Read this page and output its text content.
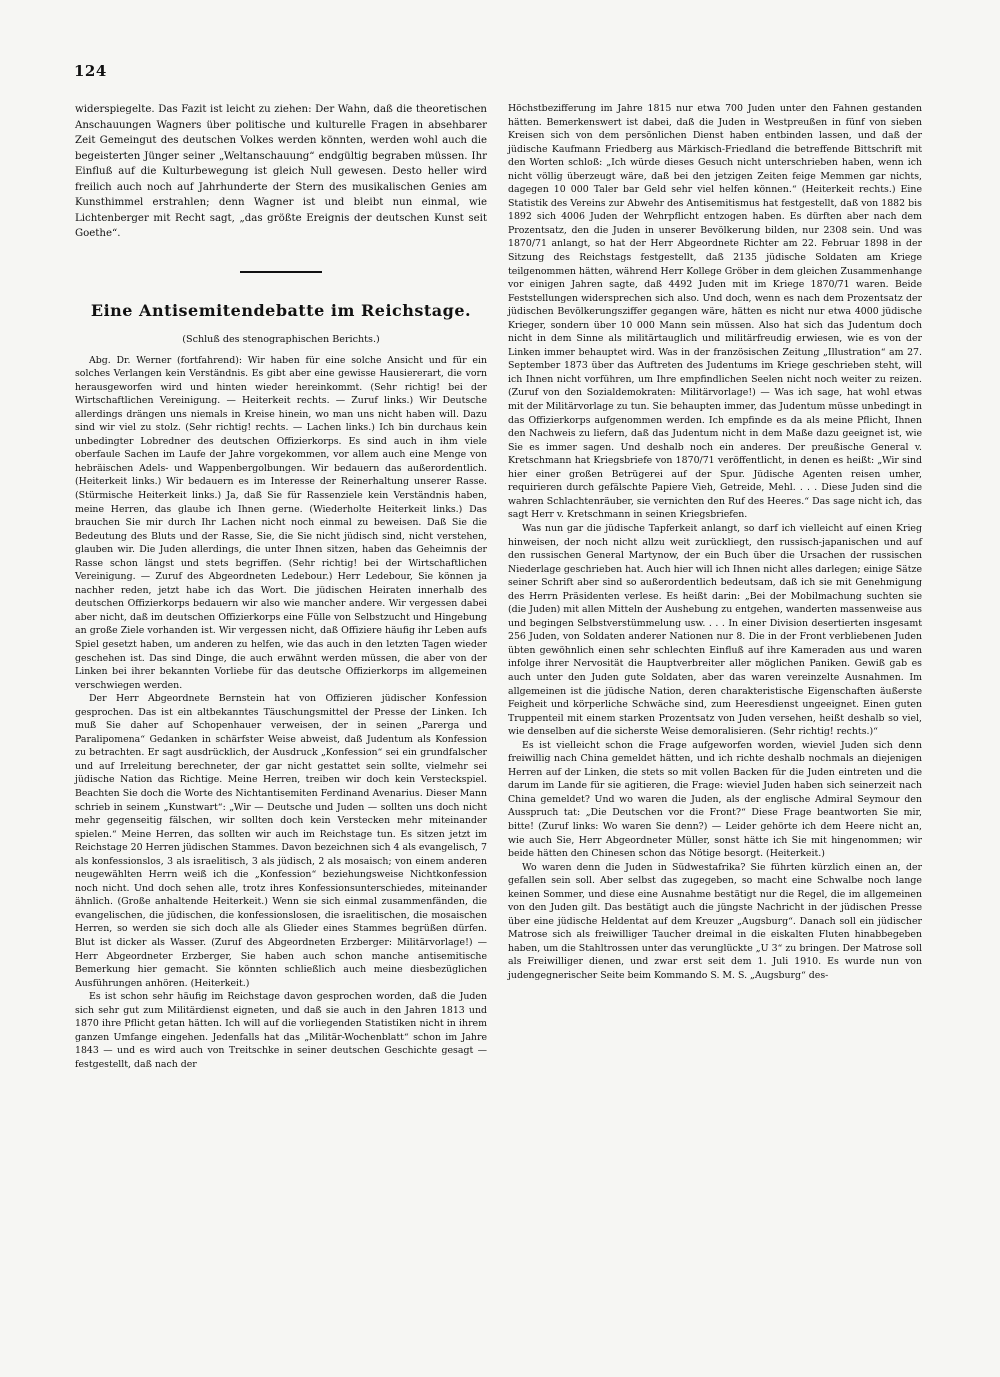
124

widerspiegelte. Das Fazit ist leicht zu ziehen: Der Wahn, daß die theoretischen Anschauungen Wagners über politische und kulturelle Fragen in absehbarer Zeit Gemeingut des deutschen Volkes werden könnten, werden wohl auch die begeisterten Jünger seiner „Weltanschauung“ endgültig begraben müssen. Ihr Einfluß auf die Kulturbewegung ist gleich Null gewesen. Desto heller wird freilich auch noch auf Jahrhunderte der Stern des musikalischen Genies am Kunsthimmel erstrahlen; denn Wagner ist und bleibt nun einmal, wie Lichtenberger mit Recht sagt, „das größte Ereignis der deutschen Kunst seit Goethe“.

Eine Antisemitendebatte im Reichstage.
(Schluß des stenographischen Berichts.)

Abg. Dr. Werner (fortfahrend): Wir haben für eine solche Ansicht und für ein solches Verlangen kein Verständnis. Es gibt aber eine gewisse Hausiererart, die vorn herausgeworfen wird und hinten wieder hereinkommt. (Sehr richtig! bei der Wirtschaftlichen Vereinigung. — Heiterkeit rechts. — Zuruf links.) Wir Deutsche allerdings drängen uns niemals in Kreise hinein, wo man uns nicht haben will. Dazu sind wir viel zu stolz. (Sehr richtig! rechts. — Lachen links.) Ich bin durchaus kein unbedingter Lobredner des deutschen Offizierkorps. Es sind auch in ihm viele oberfaule Sachen im Laufe der Jahre vorgekommen, vor allem auch eine Menge von hebräischen Adels- und Wappenbergolbungen. Wir bedauern das außerordentlich. (Heiterkeit links.) Wir bedauern es im Interesse der Reinerhaltung unserer Rasse. (Stürmische Heiterkeit links.) Ja, daß Sie für Rassenziele kein Verständnis haben, meine Herren, das glaube ich Ihnen gerne. (Wiederholte Heiterkeit links.) Das brauchen Sie mir durch Ihr Lachen nicht noch einmal zu beweisen. Daß Sie die Bedeutung des Bluts und der Rasse, Sie, die Sie nicht jüdisch sind, nicht verstehen, glauben wir. Die Juden allerdings, die unter Ihnen sitzen, haben das Geheimnis der Rasse schon längst und stets begriffen. (Sehr richtig! bei der Wirtschaftlichen Vereinigung. — Zuruf des Abgeordneten Ledebour.) Herr Ledebour, Sie können ja nachher reden, jetzt habe ich das Wort. Die jüdischen Heiraten innerhalb des deutschen Offizierkorps bedauern wir also wie mancher andere. Wir vergessen dabei aber nicht, daß im deutschen Offizierkorps eine Fülle von Selbstzucht und Hingebung an große Ziele vorhanden ist. Wir vergessen nicht, daß Offiziere häufig ihr Leben aufs Spiel gesetzt haben, um anderen zu helfen, wie das auch in den letzten Tagen wieder geschehen ist. Das sind Dinge, die auch erwähnt werden müssen, die aber von der Linken bei ihrer bekannten Vorliebe für das deutsche Offizierkorps im allgemeinen verschwiegen werden.

Der Herr Abgeordnete Bernstein hat von Offizieren jüdischer Konfession gesprochen. Das ist ein altbekanntes Täuschungsmittel der Presse der Linken. Ich muß Sie daher auf Schopenhauer verweisen, der in seinen „Parerga und Paralipomena“ Gedanken in schärfster Weise abweist, daß Judentum als Konfession zu betrachten. Er sagt ausdrücklich, der Ausdruck „Konfession“ sei ein grundfalscher und auf Irreleitung berechneter, der gar nicht gestattet sein sollte, vielmehr sei jüdische Nation das Richtige. Meine Herren, treiben wir doch kein Versteckspiel. Beachten Sie doch die Worte des Nichtantisemiten Ferdinand Avenarius. Dieser Mann schrieb in seinem „Kunstwart“: „Wir — Deutsche und Juden — sollten uns doch nicht mehr gegenseitig fälschen, wir sollten doch kein Verstecken mehr miteinander spielen.“ Meine Herren, das sollten wir auch im Reichstage tun. Es sitzen jetzt im Reichstage 20 Herren jüdischen Stammes. Davon bezeichnen sich 4 als evangelisch, 7 als konfessionslos, 3 als israelitisch, 3 als jüdisch, 2 als mosaisch; von einem anderen neugewählten Herrn weiß ich die „Konfession“ beziehungsweise Nichtkonfession noch nicht. Und doch sehen alle, trotz ihres Konfessionsunterschiedes, miteinander ähnlich. (Große anhaltende Heiterkeit.) Wenn sie sich einmal zusammenfänden, die evangelischen, die jüdischen, die konfessionslosen, die israelitischen, die mosaischen Herren, so werden sie sich doch alle als Glieder eines Stammes begrüßen dürfen. Blut ist dicker als Wasser. (Zuruf des Abgeordneten Erzberger: Militärvorlage!) — Herr Abgeordneter Erzberger, Sie haben auch schon manche antisemitische Bemerkung hier gemacht. Sie könnten schließlich auch meine diesbezüglichen Ausführungen anhören. (Heiterkeit.)

Es ist schon sehr häufig im Reichstage davon gesprochen worden, daß die Juden sich sehr gut zum Militärdienst eigneten, und daß sie auch in den Jahren 1813 und 1870 ihre Pflicht getan hätten. Ich will auf die vorliegenden Statistiken nicht in ihrem ganzen Umfange eingehen. Jedenfalls hat das „Militär-Wochenblatt“ schon im Jahre 1843 — und es wird auch von Treitschke in seiner deutschen Geschichte gesagt — festgestellt, daß nach der

Höchstbezifferung im Jahre 1815 nur etwa 700 Juden unter den Fahnen gestanden hätten. Bemerkenswert ist dabei, daß die Juden in Westpreußen in fünf von sieben Kreisen sich von dem persönlichen Dienst haben entbinden lassen, und daß der jüdische Kaufmann Friedberg aus Märkisch-Friedland die betreffende Bittschrift mit den Worten schloß: „Ich würde dieses Gesuch nicht unterschrieben haben, wenn ich nicht völlig überzeugt wäre, daß bei den jetzigen Zeiten feige Memmen gar nichts, dagegen 10 000 Taler bar Geld sehr viel helfen können.“ (Heiterkeit rechts.) Eine Statistik des Vereins zur Abwehr des Antisemitismus hat festgestellt, daß von 1882 bis 1892 sich 4006 Juden der Wehrpflicht entzogen haben. Es dürften aber nach dem Prozentsatz, den die Juden in unserer Bevölkerung bilden, nur 2308 sein. Und was 1870/71 anlangt, so hat der Herr Abgeordnete Richter am 22. Februar 1898 in der Sitzung des Reichstags festgestellt, daß 2135 jüdische Soldaten am Kriege teilgenommen hätten, während Herr Kollege Gröber in dem gleichen Zusammenhange vor einigen Jahren sagte, daß 4492 Juden mit im Kriege 1870/71 waren. Beide Feststellungen widersprechen sich also. Und doch, wenn es nach dem Prozentsatz der jüdischen Bevölkerungsziffer gegangen wäre, hätten es nicht nur etwa 4000 jüdische Krieger, sondern über 10 000 Mann sein müssen. Also hat sich das Judentum doch nicht in dem Sinne als militärtauglich und militärfreudig erwiesen, wie es von der Linken immer behauptet wird. Was in der französischen Zeitung „Illustration“ am 27. September 1873 über das Auftreten des Judentums im Kriege geschrieben steht, will ich Ihnen nicht vorführen, um Ihre empfindlichen Seelen nicht noch weiter zu reizen. (Zuruf von den Sozialdemokraten: Militärvorlage!) — Was ich sage, hat wohl etwas mit der Militärvorlage zu tun. Sie behaupten immer, das Judentum müsse unbedingt in das Offizierkorps aufgenommen werden. Ich empfinde es da als meine Pflicht, Ihnen den Nachweis zu liefern, daß das Judentum nicht in dem Maße dazu geeignet ist, wie Sie es immer sagen. Und deshalb noch ein anderes. Der preußische General v. Kretschmann hat Kriegsbriefe von 1870/71 veröffentlicht, in denen es heißt: „Wir sind hier einer großen Betrügerei auf der Spur. Jüdische Agenten reisen umher, requirieren durch gefälschte Papiere Vieh, Getreide, Mehl. . . . Diese Juden sind die wahren Schlachtenräuber, sie vernichten den Ruf des Heeres.“ Das sage nicht ich, das sagt Herr v. Kretschmann in seinen Kriegsbriefen.

Was nun gar die jüdische Tapferkeit anlangt, so darf ich vielleicht auf einen Krieg hinweisen, der noch nicht allzu weit zurückliegt, den russisch-japanischen und auf den russischen General Martynow, der ein Buch über die Ursachen der russischen Niederlage geschrieben hat. Auch hier will ich Ihnen nicht alles darlegen; einige Sätze seiner Schrift aber sind so außerordentlich bedeutsam, daß ich sie mit Genehmigung des Herrn Präsidenten verlese. Es heißt darin: „Bei der Mobilmachung suchten sie (die Juden) mit allen Mitteln der Aushebung zu entgehen, wanderten massenweise aus und begingen Selbstverstümmelung usw. . . . In einer Division desertierten insgesamt 256 Juden, von Soldaten anderer Nationen nur 8. Die in der Front verbliebenen Juden übten gewöhnlich einen sehr schlechten Einfluß auf ihre Kameraden aus und waren infolge ihrer Nervosität die Hauptverbreiter aller möglichen Paniken. Gewiß gab es auch unter den Juden gute Soldaten, aber das waren vereinzelte Ausnahmen. Im allgemeinen ist die jüdische Nation, deren charakteristische Eigenschaften äußerste Feigheit und körperliche Schwäche sind, zum Heeresdienst ungeeignet. Einen guten Truppenteil mit einem starken Prozentsatz von Juden versehen, heißt deshalb so viel, wie denselben auf die sicherste Weise demoralisieren. (Sehr richtig! rechts.)“

Es ist vielleicht schon die Frage aufgeworfen worden, wieviel Juden sich denn freiwillig nach China gemeldet hätten, und ich richte deshalb nochmals an diejenigen Herren auf der Linken, die stets so mit vollen Backen für die Juden eintreten und die darum im Lande für sie agitieren, die Frage: wieviel Juden haben sich seinerzeit nach China gemeldet? Und wo waren die Juden, als der englische Admiral Seymour den Ausspruch tat: „Die Deutschen vor die Front?“ Diese Frage beantworten Sie mir, bitte! (Zuruf links: Wo waren Sie denn?) — Leider gehörte ich dem Heere nicht an, wie auch Sie, Herr Abgeordneter Müller, sonst hätte ich Sie mit hingenommen; wir beide hätten den Chinesen schon das Nötige besorgt. (Heiterkeit.)

Wo waren denn die Juden in Südwestafrika? Sie führten kürzlich einen an, der gefallen sein soll. Aber selbst das zugegeben, so macht eine Schwalbe noch lange keinen Sommer, und diese eine Ausnahme bestätigt nur die Regel, die im allgemeinen von den Juden gilt. Das bestätigt auch die jüngste Nachricht in der jüdischen Presse über eine jüdische Heldentat auf dem Kreuzer „Augsburg“. Danach soll ein jüdischer Matrose sich als freiwilliger Taucher dreimal in die eiskalten Fluten hinabbegeben haben, um die Stahltrossen unter das verunglückte „U 3“ zu bringen. Der Matrose soll als Freiwilliger dienen, und zwar erst seit dem 1. Juli 1910. Es wurde nun von judengegnerischer Seite beim Kommando S. M. S. „Augsburg“ des-
